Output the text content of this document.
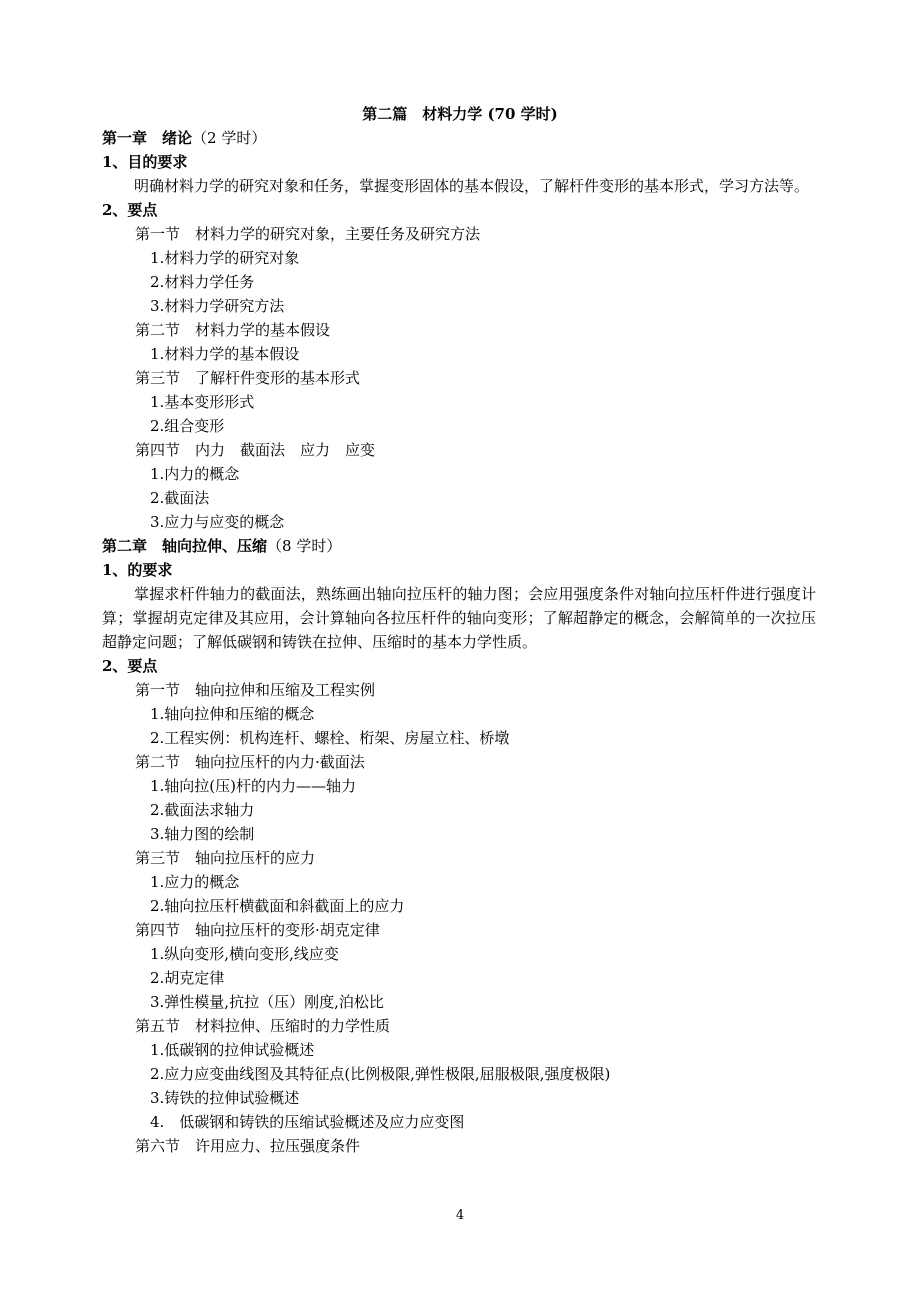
第二篇　材料力学 (70 学时)
第一章　绪论（2 学时）
1、目的要求
明确材料力学的研究对象和任务，掌握变形固体的基本假设，了解杆件变形的基本形式，学习方法等。
2、要点
第一节　材料力学的研究对象，主要任务及研究方法
1.材料力学的研究对象
2.材料力学任务
3.材料力学研究方法
第二节　材料力学的基本假设
1.材料力学的基本假设
第三节　了解杆件变形的基本形式
1.基本变形形式
2.组合变形
第四节　内力　截面法　应力　应变
1.内力的概念
2.截面法
3.应力与应变的概念
第二章　轴向拉伸、压缩（8 学时）
1、的要求
掌握求杆件轴力的截面法，熟练画出轴向拉压杆的轴力图；会应用强度条件对轴向拉压杆件进行强度计算；掌握胡克定律及其应用，会计算轴向各拉压杆件的轴向变形；了解超静定的概念，会解简单的一次拉压超静定问题；了解低碳钢和铸铁在拉伸、压缩时的基本力学性质。
2、要点
第一节　轴向拉伸和压缩及工程实例
1.轴向拉伸和压缩的概念
2.工程实例：机构连杆、螺栓、桁架、房屋立柱、桥墩
第二节　轴向拉压杆的内力·截面法
1.轴向拉(压)杆的内力——轴力
2.截面法求轴力
3.轴力图的绘制
第三节　轴向拉压杆的应力
1.应力的概念
2.轴向拉压杆横截面和斜截面上的应力
第四节　轴向拉压杆的变形·胡克定律
1.纵向变形,横向变形,线应变
2.胡克定律
3.弹性模量,抗拉（压）刚度,泊松比
第五节　材料拉伸、压缩时的力学性质
1.低碳钢的拉伸试验概述
2.应力应变曲线图及其特征点(比例极限,弹性极限,屈服极限,强度极限)
3.铸铁的拉伸试验概述
4.　低碳钢和铸铁的压缩试验概述及应力应变图
第六节　许用应力、拉压强度条件
4
